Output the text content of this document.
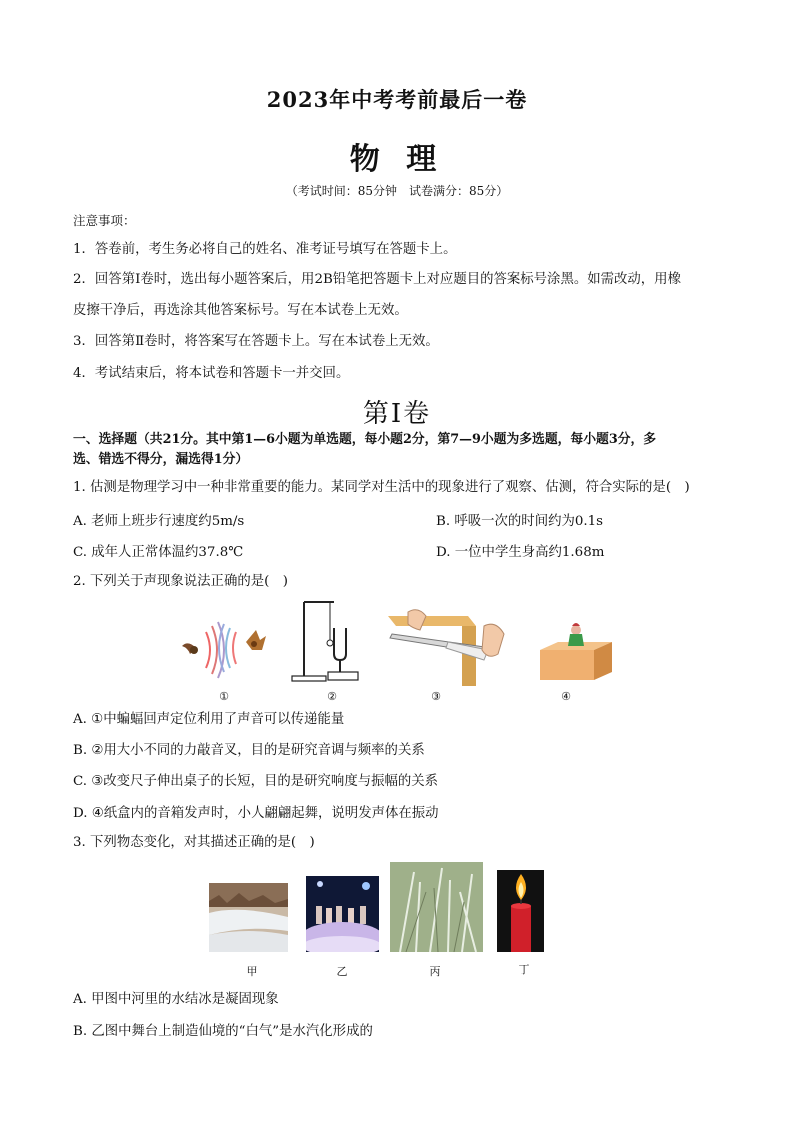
2023年中考考前最后一卷
物 理
（考试时间：85分钟　试卷满分：85分）
注意事项：
1．答卷前，考生务必将自己的姓名、准考证号填写在答题卡上。
2．回答第Ⅰ卷时，选出每小题答案后，用2B铅笔把答题卡上对应题目的答案标号涂黑。如需改动，用橡
皮擦干净后，再选涂其他答案标号。写在本试卷上无效。
3．回答第Ⅱ卷时，将答案写在答题卡上。写在本试卷上无效。
4．考试结束后，将本试卷和答题卡一并交回。
第Ⅰ卷
一、选择题（共21分。其中第1—6小题为单选题，每小题2分，第7—9小题为多选题，每小题3分，多
选、错选不得分，漏选得1分）
1. 估测是物理学习中一种非常重要的能力。某同学对生活中的现象进行了观察、估测，符合实际的是(　)
A. 老师上班步行速度约5m/s	B. 呼吸一次的时间约为0.1s
C. 成年人正常体温约37.8℃	D. 一位中学生身高约1.68m
2. 下列关于声现象说法正确的是(　)
①	②	③	④
A. ①中蝙蝠回声定位利用了声音可以传递能量
B. ②用大小不同的力敲音叉，目的是研究音调与频率的关系
C. ③改变尺子伸出桌子的长短，目的是研究响度与振幅的关系
D. ④纸盒内的音箱发声时，小人翩翩起舞，说明发声体在振动
3. 下列物态变化，对其描述正确的是(　)
甲	乙	丙	丁
A. 甲图中河里的水结冰是凝固现象
B. 乙图中舞台上制造仙境的“白气”是水汽化形成的
